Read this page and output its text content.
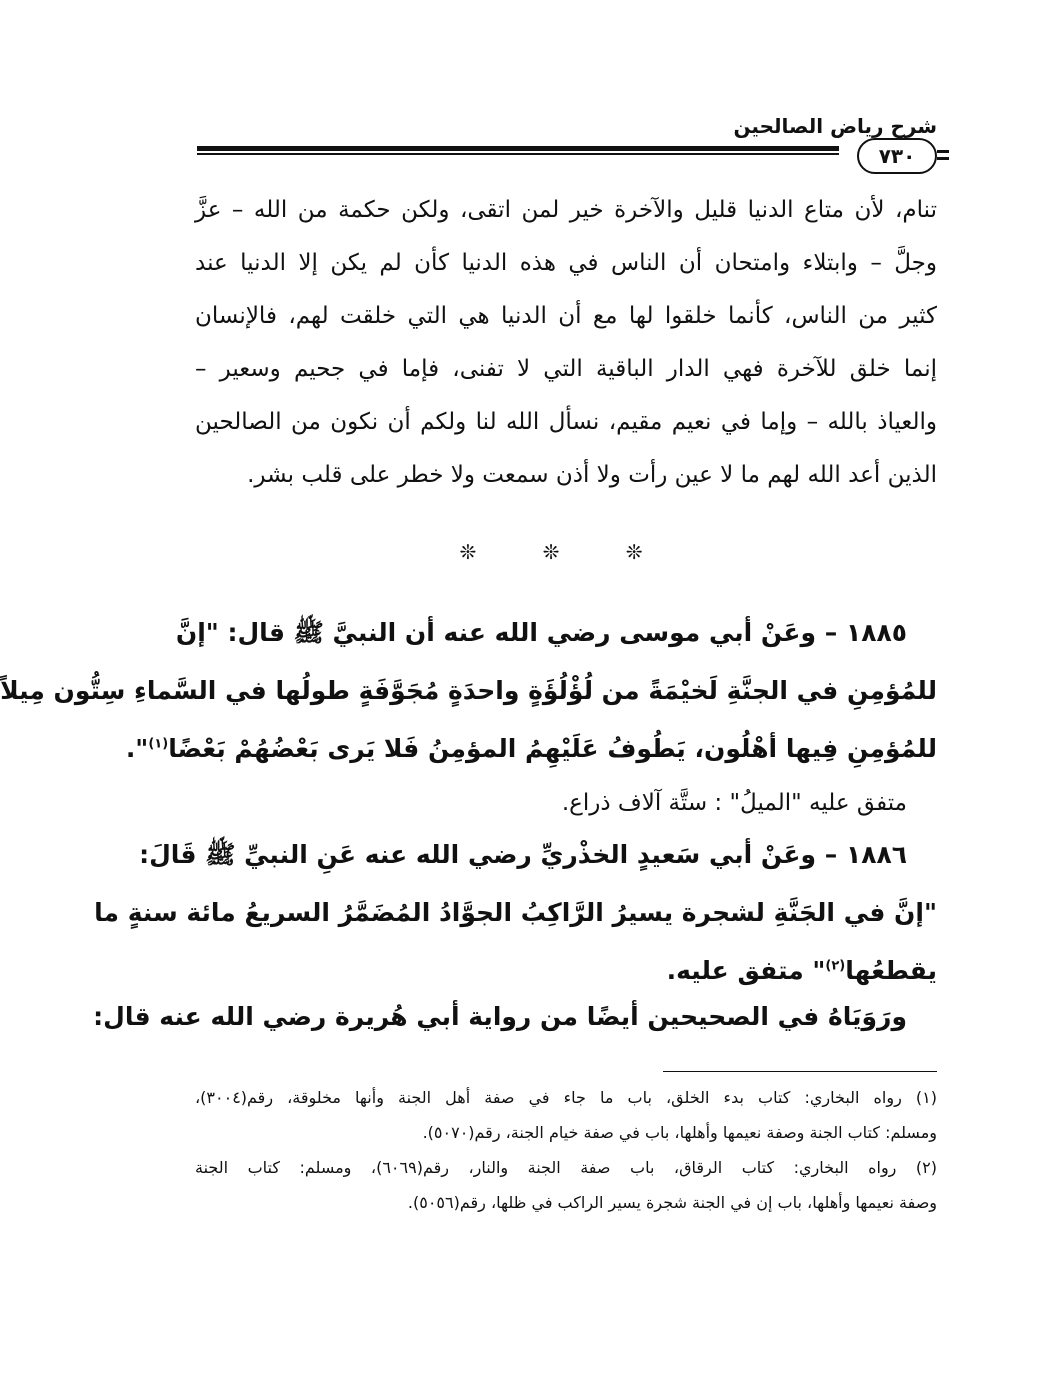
شرح رياض الصالحين
٧٣٠
تنام، لأن متاع الدنيا قليل والآخرة خير لمن اتقى، ولكن حكمة من الله – عزَّ
وجلَّ – وابتلاء وامتحان أن الناس في هذه الدنيا كأن لم يكن إلا الدنيا عند
كثير من الناس، كأنما خلقوا لها مع أن الدنيا هي التي خلقت لهم، فالإنسان
إنما خلق للآخرة فهي الدار الباقية التي لا تفنى، فإما في جحيم وسعير –
والعياذ بالله – وإما في نعيم مقيم، نسأل الله لنا ولكم أن نكون من الصالحين
الذين أعد الله لهم ما لا عين رأت ولا أذن سمعت ولا خطر على قلب بشر.
❊ ❊ ❊
١٨٨٥ – وعَنْ أبي موسى رضي الله عنه أن النبيَّ ﷺ قال: "إنَّ
للمُؤمِنِ في الجنَّةِ لَخيْمَةً من لُؤْلُؤَةٍ واحدَةٍ مُجَوَّفَةٍ طولُها في السَّماءِ سِتُّون مِيلاً
للمُؤمِنِ فِيها أهْلُون، يَطُوفُ عَلَيْهِمُ المؤمِنُ فَلا يَرى بَعْضُهُمْ بَعْضًا$^{(١)}$".
متفق عليه "الميلُ" : ستَّة آلاف ذراع.
١٨٨٦ – وعَنْ أبي سَعيدٍ الخذْريِّ رضي الله عنه عَنِ النبيِّ ﷺ قَالَ:
"إنَّ في الجَنَّةِ لشجرة يسيرُ الرَّاكِبُ الجوَّادُ المُضَمَّرُ السريعُ مائة سنةٍ ما
يقطعُها$^{(٢)}$" متفق عليه.
ورَوَيَاهُ في الصحيحين أيضًا من رواية أبي هُريرة رضي الله عنه قال:
(١) رواه البخاري: كتاب بدء الخلق، باب ما جاء في صفة أهل الجنة وأنها مخلوقة، رقم(٣٠٠٤)،
ومسلم: كتاب الجنة وصفة نعيمها وأهلها، باب في صفة خيام الجنة، رقم(٥٠٧٠).
(٢) رواه البخاري: كتاب الرقاق، باب صفة الجنة والنار، رقم(٦٠٦٩)، ومسلم: كتاب الجنة
وصفة نعيمها وأهلها، باب إن في الجنة شجرة يسير الراكب في ظلها، رقم(٥٠٥٦).
